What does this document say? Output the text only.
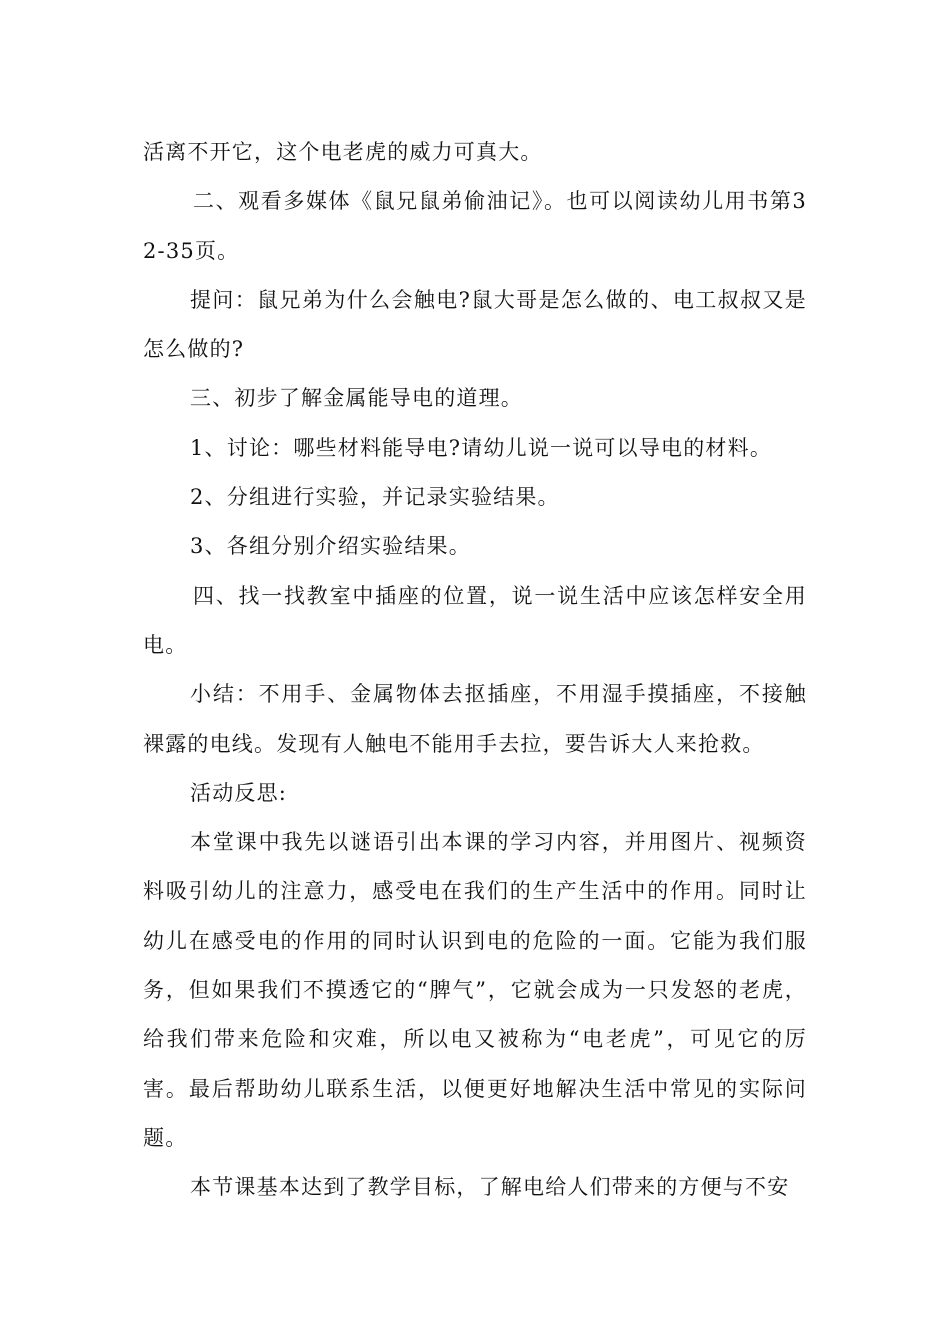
活离不开它，这个电老虎的威力可真大。

二、观看多媒体《鼠兄鼠弟偷油记》。也可以阅读幼儿用书第32-35页。

提问：鼠兄弟为什么会触电?鼠大哥是怎么做的、电工叔叔又是怎么做的?

三、初步了解金属能导电的道理。

1、讨论：哪些材料能导电?请幼儿说一说可以导电的材料。

2、分组进行实验，并记录实验结果。

3、各组分别介绍实验结果。

四、找一找教室中插座的位置，说一说生活中应该怎样安全用电。

小结：不用手、金属物体去抠插座，不用湿手摸插座，不接触裸露的电线。发现有人触电不能用手去拉，要告诉大人来抢救。

活动反思:

本堂课中我先以谜语引出本课的学习内容，并用图片、视频资料吸引幼儿的注意力，感受电在我们的生产生活中的作用。同时让幼儿在感受电的作用的同时认识到电的危险的一面。它能为我们服务，但如果我们不摸透它的“脾气”，它就会成为一只发怒的老虎，给我们带来危险和灾难，所以电又被称为“电老虎”，可见它的厉害。最后帮助幼儿联系生活，以便更好地解决生活中常见的实际问题。

本节课基本达到了教学目标，了解电给人们带来的方便与不安
